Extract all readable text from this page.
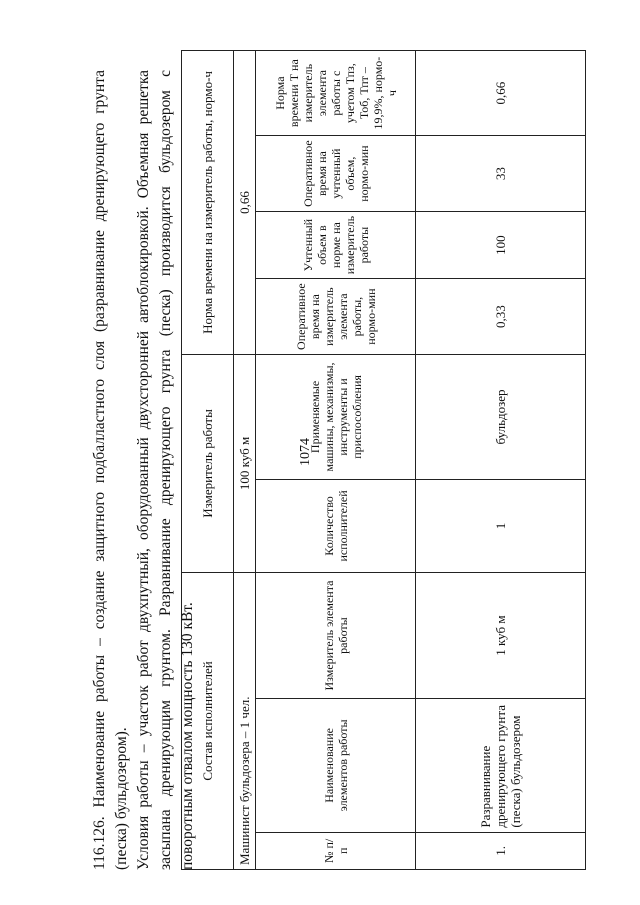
1074
116.126. Наименование работы – создание защитного подбалластного слоя (разравнивание дренирующего грунта (песка) бульдозером). Условия работы – участок работ двухпутный, оборудованный двухсторонней автоблокировкой. Объемная решетка засыпана дренирующим грунтом. Разравнивание дренирующего грунта (песка) производится бульдозером с поворотным отвалом мощность 130 кВт. Состав исполнителей			Измеритель работы		Норма времени на измеритель работы, нормо-ч			
Машинист бульдозера – 1 чел.			100 куб м		0,66			
№ п/п	Наименование элементов работы	Измеритель элемента работы	Количество исполнителей	Применяемые машины, механизмы, инструменты и приспособления	Оперативное время на измеритель элемента работы, нормо-мин	Учтенный объем в норме на измеритель работы	Оперативное время на учтенный объем, нормо-мин	Норма времени Т на измеритель элемента работы с учетом Тпз, Тоб, Тпт – 19,9%, нормо-ч
1.	Разравнивание дренирующего грунта (песка) бульдозером	1 куб м	1	бульдозер	0,33	100	33	0,66
